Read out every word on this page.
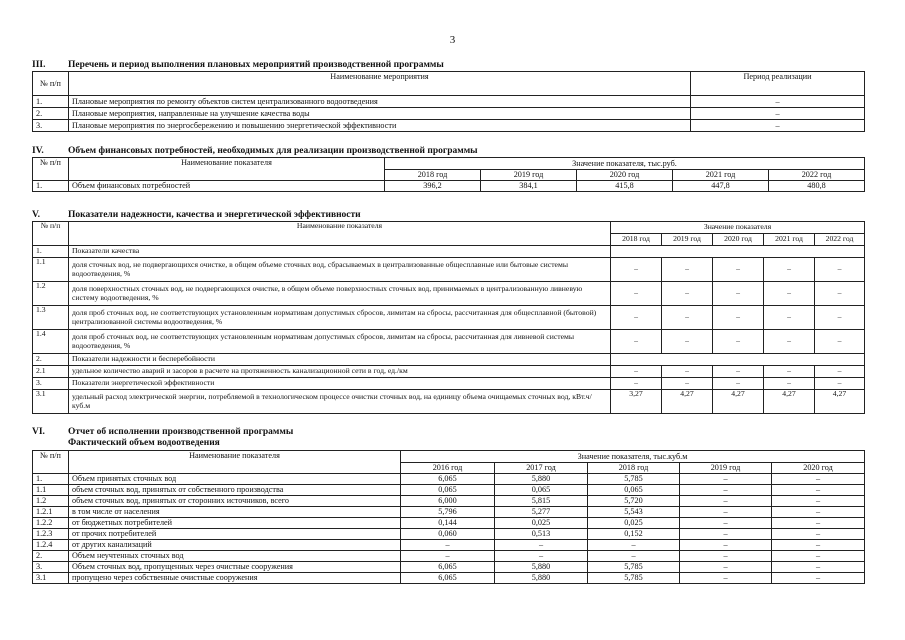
3
III. Перечень и период выполнения плановых мероприятий производственной программы
№ п/п	Наименование мероприятия	Период реализации
1.	Плановые мероприятия по ремонту объектов систем централизованного водоотведения	–
2.	Плановые мероприятия, направленные на улучшение качества воды	–
3.	Плановые мероприятия по энергосбережению и повышению энергетической эффективности	–
IV.	Объем финансовых потребностей, необходимых для реализации производственной программы
№ п/п	Наименование показателя	Значение показателя, тыс.руб.				
		2018 год	2019 год	2020 год	2021 год	2022 год
1.	Объем финансовых потребностей	396,2	384,1	415,8	447,8	480,8
V.	Показатели надежности, качества и энергетической эффективности
№ п/п	Наименование показателя	Значение показателя				
		2018 год	2019 год	2020 год	2021 год	2022 год
1.	Показатели качества					
1.1	доля сточных вод, не подвергающихся очистке, в общем объеме сточных вод, сбрасываемых в централизованные общесплавные или бытовые системы водоотведения, %	–	–	–	–	–
1.2	доля поверхностных сточных вод, не подвергающихся очистке, в общем объеме поверхностных сточных вод, принимаемых в централизованную ливневую систему водоотведения, %	–	–	–	–	–
1.3	доля проб сточных вод, не соответствующих установленным нормативам допустимых сбросов, лимитам на сбросы, рассчитанная для общесплавной (бытовой) централизованной системы водоотведения, %	–	–	–	–	–
1.4	доля проб сточных вод, не соответствующих установленным нормативам допустимых сбросов, лимитам на сбросы, рассчитанная для ливневой системы водоотведения, %	–	–	–	–	–
2.	Показатели надежности и бесперебойности					
2.1	удельное количество аварий и засоров в расчете на протяженность канализационной сети в год, ед./км	–	–	–	–	–
3.	Показатели энергетической эффективности	–	–	–	–	–
3.1	удельный расход электрической энергии, потребляемой в технологическом процессе очистки сточных вод, на единицу объема очищаемых сточных вод, кВт.ч/куб.м	3,27	4,27	4,27	4,27	4,27
VI. Отчет об исполнении производственной программы
Фактический объем водоотведения
№ п/п	Наименование показателя	Значение показателя, тыс.куб.м				
		2016 год	2017 год	2018 год	2019 год	2020 год
1.	Объем принятых сточных вод	6,065	5,880	5,785	–	–
1.1	объем сточных вод, принятых от собственного производства	0,065	0,065	0,065	–	–
1.2	объем сточных вод, принятых от сторонних источников, всего	6,000	5,815	5,720	–	–
1.2.1	в том числе от населения	5,796	5,277	5,543	–	–
1.2.2	от бюджетных потребителей	0,144	0,025	0,025	–	–
1.2.3	от прочих потребителей	0,060	0,513	0,152	–	–
1.2.4	от других канализаций	–	–	–	–	–
2.	Объем неучтенных сточных вод	–	–	–	–	–
3.	Объем сточных вод, пропущенных через очистные сооружения	6,065	5,880	5,785	–	–
3.1	пропущено через собственные очистные сооружения	6,065	5,880	5,785	–	–
